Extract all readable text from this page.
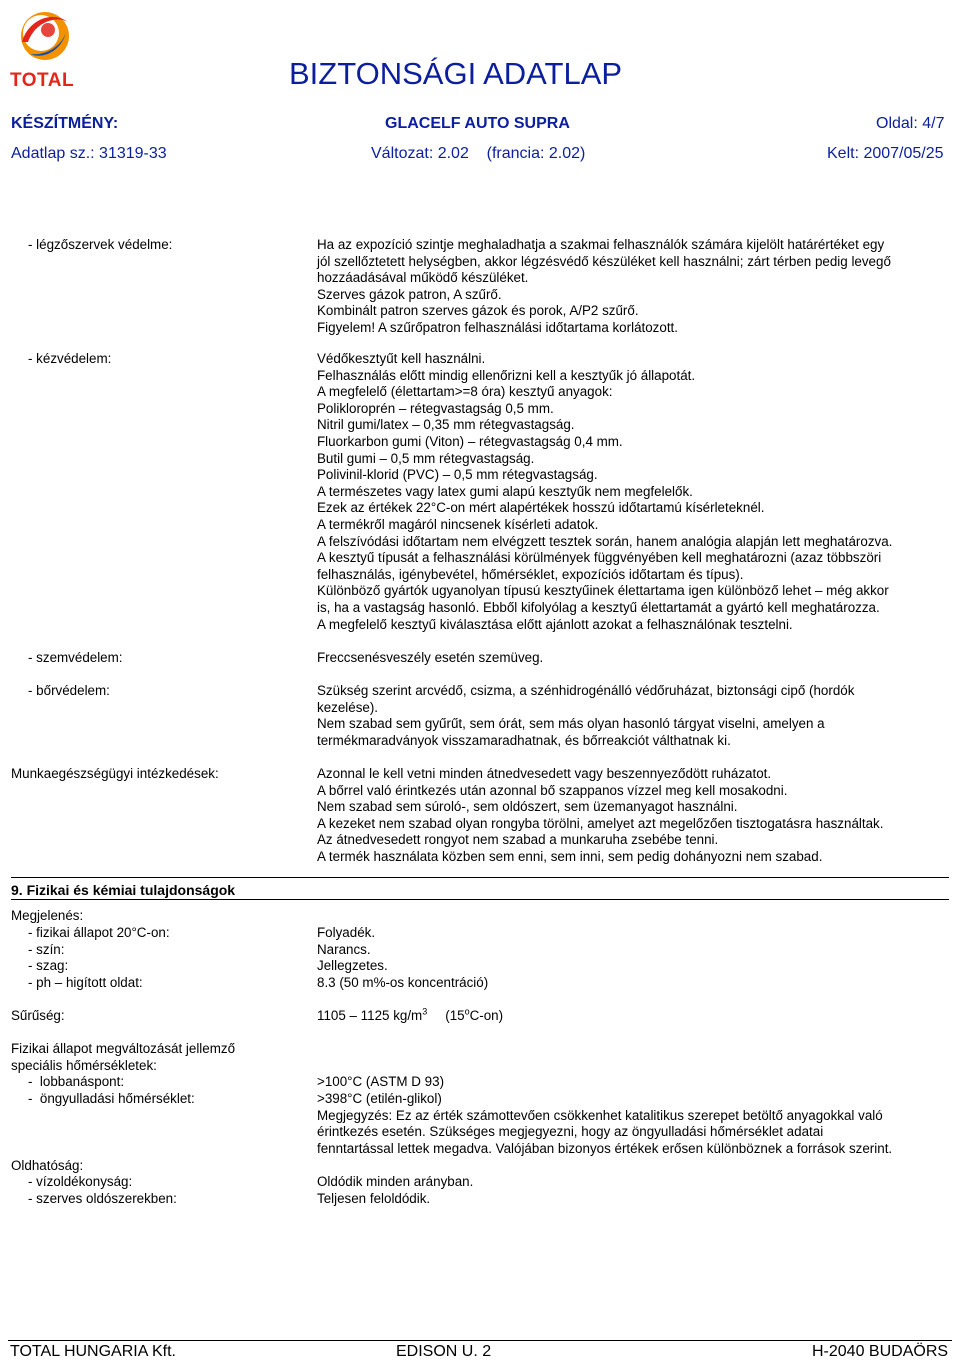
TOTAL	BIZTONSÁGI ADATLAP
KÉSZÍTMÉNY:	GLACELF AUTO SUPRA	Oldal: 4/7
Adatlap sz.: 31319-33	Változat: 2.02    (francia: 2.02)	Kelt: 2007/05/25
- légzőszervek védelme:	Ha az expozíció szintje meghaladhatja a szakmai felhasználók számára kijelölt határértéket egy
jól szellőztetett helységben, akkor légzésvédő készüléket kell használni; zárt térben pedig levegő
hozzáadásával működő készüléket.
Szerves gázok patron, A szűrő.
Kombinált patron szerves gázok és porok, A/P2 szűrő.
Figyelem! A szűrőpatron felhasználási időtartama korlátozott.
- kézvédelem:	Védőkesztyűt kell használni.
Felhasználás előtt mindig ellenőrizni kell a kesztyűk jó állapotát.
A megfelelő (élettartam>=8 óra) kesztyű anyagok:
Polikloroprén – rétegvastagság 0,5 mm.
Nitril gumi/latex – 0,35 mm rétegvastagság.
Fluorkarbon gumi (Viton) – rétegvastagság 0,4 mm.
Butil gumi – 0,5 mm rétegvastagság.
Polivinil-klorid (PVC) – 0,5 mm rétegvastagság.
A természetes vagy latex gumi alapú kesztyűk nem megfelelők.
Ezek az értékek 22°C-on mért alapértékek hosszú időtartamú kísérleteknél.
A termékről magáról nincsenek kísérleti adatok.
A felszívódási időtartam nem elvégzett tesztek során, hanem analógia alapján lett meghatározva.
A kesztyű típusát a felhasználási körülmények függvényében kell meghatározni (azaz többszöri
felhasználás, igénybevétel, hőmérséklet, expozíciós időtartam és típus).
Különböző gyártók ugyanolyan típusú kesztyűinek élettartama igen különböző lehet – még akkor
is, ha a vastagság hasonló. Ebből kifolyólag a kesztyű élettartamát a gyártó kell meghatározza.
A megfelelő kesztyű kiválasztása előtt ajánlott azokat a felhasználónak tesztelni.
- szemvédelem:	Freccsenésveszély esetén szemüveg.
- bőrvédelem:	Szükség szerint arcvédő, csizma, a szénhidrogénálló védőruházat, biztonsági cipő (hordók
kezelése).
Nem szabad sem gyűrűt, sem órát, sem más olyan hasonló tárgyat viselni, amelyen a
termékmaradványok visszamaradhatnak, és bőrreakciót válthatnak ki.
Munkaegészségügyi intézkedések:	Azonnal le kell vetni minden átnedvesedett vagy beszennyeződött ruházatot.
A bőrrel való érintkezés után azonnal bő szappanos vízzel meg kell mosakodni.
Nem szabad sem súroló-, sem oldószert, sem üzemanyagot használni.
A kezeket nem szabad olyan rongyba törölni, amelyet azt megelőzően tisztogatásra használtak.
Az átnedvesedett rongyot nem szabad a munkaruha zsebébe tenni.
A termék használata közben sem enni, sem inni, sem pedig dohányozni nem szabad.
9. Fizikai és kémiai tulajdonságok
Megjelenés:
- fizikai állapot 20°C-on:	Folyadék.
- szín:	Narancs.
- szag:	Jellegzetes.
- ph – higított oldat:	8.3 (50 m%-os koncentráció)
Sűrűség:	1105 – 1125 $kg/m^3$ (15$^o$C-on)
Fizikai állapot megváltozását jellemző
speciális hőmérsékletek:
-  lobbanáspont:	>100°C (ASTM D 93)
-  öngyulladási hőmérséklet:	>398°C (etilén-glikol)
Megjegyzés: Ez az érték számottevően csökkenhet katalitikus szerepet betöltő anyagokkal való
érintkezés esetén. Szükséges megjegyezni, hogy az öngyulladási hőmérséklet adatai
fenntartással lettek megadva. Valójában bizonyos értékek erősen különböznek a források szerint.
Oldhatóság:
- vízoldékonyság:	Oldódik minden arányban.
- szerves oldószerekben:	Teljesen feloldódik.
TOTAL HUNGARIA Kft.	EDISON U. 2	H-2040 BUDAÖRS
